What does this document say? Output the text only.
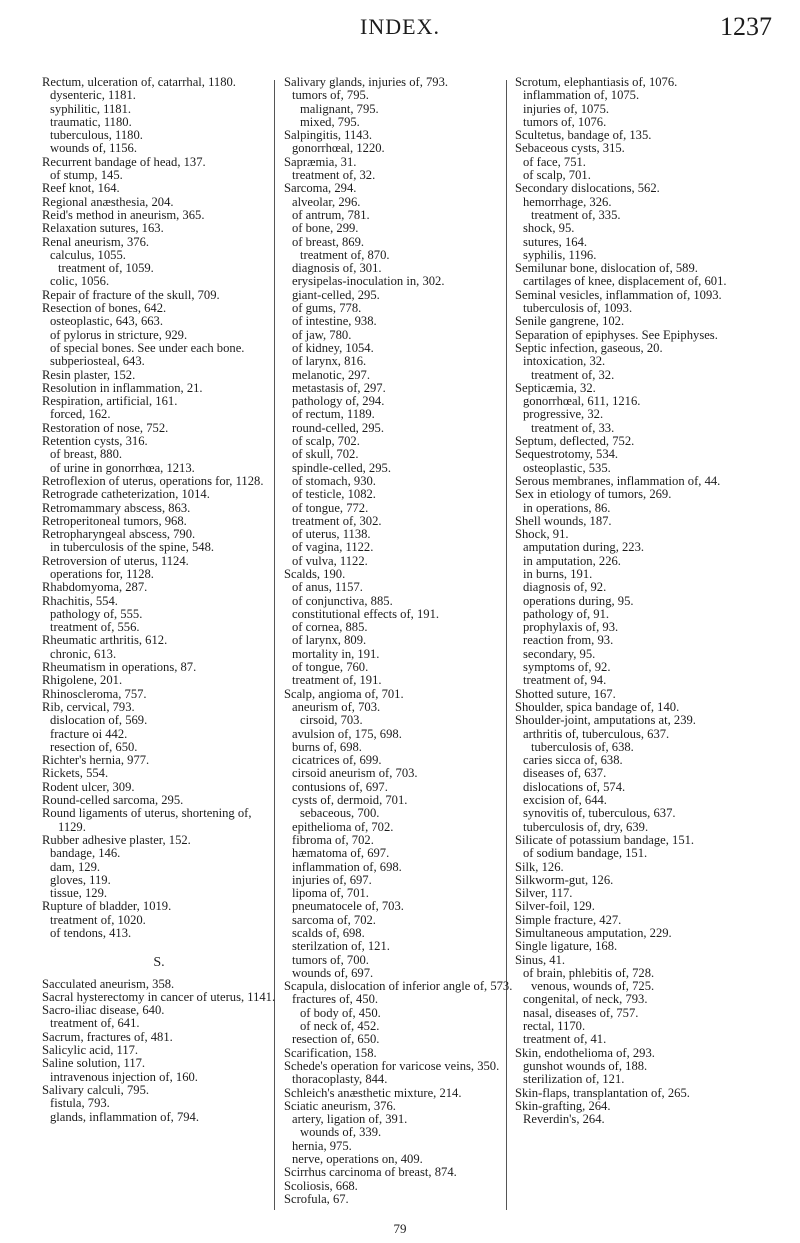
INDEX.	1237

Rectum, ulceration of, catarrhal, 1180.

dysenteric, 1181.

syphilitic, 1181.

traumatic, 1180.

tuberculous, 1180.

wounds of, 1156.

Recurrent bandage of head, 137.

of stump, 145.

Reef knot, 164.

Regional anæsthesia, 204.

Reid's method in aneurism, 365.

Relaxation sutures, 163.

Renal aneurism, 376.

calculus, 1055.

treatment of, 1059.

colic, 1056.

Repair of fracture of the skull, 709.

Resection of bones, 642.

osteoplastic, 643, 663.

of pylorus in stricture, 929.

of special bones. See under each bone.

subperiosteal, 643.

Resin plaster, 152.

Resolution in inflammation, 21.

Respiration, artificial, 161.

forced, 162.

Restoration of nose, 752.

Retention cysts, 316.

of breast, 880.

of urine in gonorrhœa, 1213.

Retroflexion of uterus, operations for, 1128.

Retrograde catheterization, 1014.

Retromammary abscess, 863.

Retroperitoneal tumors, 968.

Retropharyngeal abscess, 790.

in tuberculosis of the spine, 548.

Retroversion of uterus, 1124.

operations for, 1128.

Rhabdomyoma, 287.

Rhachitis, 554.

pathology of, 555.

treatment of, 556.

Rheumatic arthritis, 612.

chronic, 613.

Rheumatism in operations, 87.

Rhigolene, 201.

Rhinoscleroma, 757.

Rib, cervical, 793.

dislocation of, 569.

fracture oi 442.

resection of, 650.

Richter's hernia, 977.

Rickets, 554.

Rodent ulcer, 309.

Round-celled sarcoma, 295.

Round ligaments of uterus, shortening of, 1129.

Rubber adhesive plaster, 152.

bandage, 146.

dam, 129.

gloves, 119.

tissue, 129.

Rupture of bladder, 1019.

treatment of, 1020.

of tendons, 413.

S.

Sacculated aneurism, 358.

Sacral hysterectomy in cancer of uterus, 1141.

Sacro-iliac disease, 640.

treatment of, 641.

Sacrum, fractures of, 481.

Salicylic acid, 117.

Saline solution, 117.

intravenous injection of, 160.

Salivary calculi, 795.

fistula, 793.

glands, inflammation of, 794.

Salivary glands, injuries of, 793.

tumors of, 795.

malignant, 795.

mixed, 795.

Salpingitis, 1143.

gonorrhœal, 1220.

Sapræmia, 31.

treatment of, 32.

Sarcoma, 294.

alveolar, 296.

of antrum, 781.

of bone, 299.

of breast, 869.

treatment of, 870.

diagnosis of, 301.

erysipelas-inoculation in, 302.

giant-celled, 295.

of gums, 778.

of intestine, 938.

of jaw, 780.

of kidney, 1054.

of larynx, 816.

melanotic, 297.

metastasis of, 297.

pathology of, 294.

of rectum, 1189.

round-celled, 295.

of scalp, 702.

of skull, 702.

spindle-celled, 295.

of stomach, 930.

of testicle, 1082.

of tongue, 772.

treatment of, 302.

of uterus, 1138.

of vagina, 1122.

of vulva, 1122.

Scalds, 190.

of anus, 1157.

of conjunctiva, 885.

constitutional effects of, 191.

of cornea, 885.

of larynx, 809.

mortality in, 191.

of tongue, 760.

treatment of, 191.

Scalp, angioma of, 701.

aneurism of, 703.

cirsoid, 703.

avulsion of, 175, 698.

burns of, 698.

cicatrices of, 699.

cirsoid aneurism of, 703.

contusions of, 697.

cysts of, dermoid, 701.

sebaceous, 700.

epithelioma of, 702.

fibroma of, 702.

hæmatoma of, 697.

inflammation of, 698.

injuries of, 697.

lipoma of, 701.

pneumatocele of, 703.

sarcoma of, 702.

scalds of, 698.

sterilzation of, 121.

tumors of, 700.

wounds of, 697.

Scapula, dislocation of inferior angle of, 573.

fractures of, 450.

of body of, 450.

of neck of, 452.

resection of, 650.

Scarification, 158.

Schede's operation for varicose veins, 350.

thoracoplasty, 844.

Schleich's anæsthetic mixture, 214.

Sciatic aneurism, 376.

artery, ligation of, 391.

wounds of, 339.

hernia, 975.

nerve, operations on, 409.

Scirrhus carcinoma of breast, 874.

Scoliosis, 668.

Scrofula, 67.

Scrotum, elephantiasis of, 1076.

inflammation of, 1075.

injuries of, 1075.

tumors of, 1076.

Scultetus, bandage of, 135.

Sebaceous cysts, 315.

of face, 751.

of scalp, 701.

Secondary dislocations, 562.

hemorrhage, 326.

treatment of, 335.

shock, 95.

sutures, 164.

syphilis, 1196.

Semilunar bone, dislocation of, 589.

cartilages of knee, displacement of, 601.

Seminal vesicles, inflammation of, 1093.

tuberculosis of, 1093.

Senile gangrene, 102.

Separation of epiphyses. See Epiphyses.

Septic infection, gaseous, 20.

intoxication, 32.

treatment of, 32.

Septicæmia, 32.

gonorrhœal, 611, 1216.

progressive, 32.

treatment of, 33.

Septum, deflected, 752.

Sequestrotomy, 534.

osteoplastic, 535.

Serous membranes, inflammation of, 44.

Sex in etiology of tumors, 269.

in operations, 86.

Shell wounds, 187.

Shock, 91.

amputation during, 223.

in amputation, 226.

in burns, 191.

diagnosis of, 92.

operations during, 95.

pathology of, 91.

prophylaxis of, 93.

reaction from, 93.

secondary, 95.

symptoms of, 92.

treatment of, 94.

Shotted suture, 167.

Shoulder, spica bandage of, 140.

Shoulder-joint, amputations at, 239.

arthritis of, tuberculous, 637.

tuberculosis of, 638.

caries sicca of, 638.

diseases of, 637.

dislocations of, 574.

excision of, 644.

synovitis of, tuberculous, 637.

tuberculosis of, dry, 639.

Silicate of potassium bandage, 151.

of sodium bandage, 151.

Silk, 126.

Silkworm-gut, 126.

Silver, 117.

Silver-foil, 129.

Simple fracture, 427.

Simultaneous amputation, 229.

Single ligature, 168.

Sinus, 41.

of brain, phlebitis of, 728.

venous, wounds of, 725.

congenital, of neck, 793.

nasal, diseases of, 757.

rectal, 1170.

treatment of, 41.

Skin, endothelioma of, 293.

gunshot wounds of, 188.

sterilization of, 121.

Skin-flaps, transplantation of, 265.

Skin-grafting, 264.

Reverdin's, 264.

79
